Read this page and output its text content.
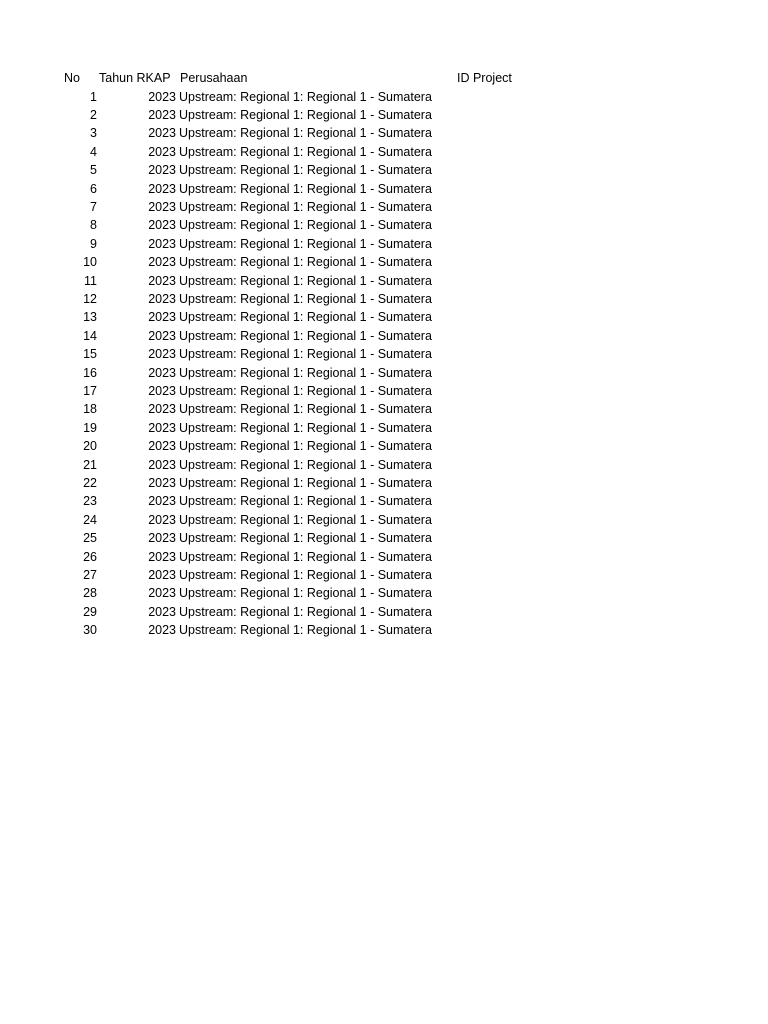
No Tahun RKAP Perusahaan	ID Project
1	2023 Upstream: Regional 1: Regional 1 - Sumatera
2	2023 Upstream: Regional 1: Regional 1 - Sumatera
3	2023 Upstream: Regional 1: Regional 1 - Sumatera
4	2023 Upstream: Regional 1: Regional 1 - Sumatera
5	2023 Upstream: Regional 1: Regional 1 - Sumatera
6	2023 Upstream: Regional 1: Regional 1 - Sumatera
7	2023 Upstream: Regional 1: Regional 1 - Sumatera
8	2023 Upstream: Regional 1: Regional 1 - Sumatera
9	2023 Upstream: Regional 1: Regional 1 - Sumatera
10	2023 Upstream: Regional 1: Regional 1 - Sumatera
11	2023 Upstream: Regional 1: Regional 1 - Sumatera
12	2023 Upstream: Regional 1: Regional 1 - Sumatera
13	2023 Upstream: Regional 1: Regional 1 - Sumatera
14	2023 Upstream: Regional 1: Regional 1 - Sumatera
15	2023 Upstream: Regional 1: Regional 1 - Sumatera
16	2023 Upstream: Regional 1: Regional 1 - Sumatera
17	2023 Upstream: Regional 1: Regional 1 - Sumatera
18	2023 Upstream: Regional 1: Regional 1 - Sumatera
19	2023 Upstream: Regional 1: Regional 1 - Sumatera
20	2023 Upstream: Regional 1: Regional 1 - Sumatera
21	2023 Upstream: Regional 1: Regional 1 - Sumatera
22	2023 Upstream: Regional 1: Regional 1 - Sumatera
23	2023 Upstream: Regional 1: Regional 1 - Sumatera
24	2023 Upstream: Regional 1: Regional 1 - Sumatera
25	2023 Upstream: Regional 1: Regional 1 - Sumatera
26	2023 Upstream: Regional 1: Regional 1 - Sumatera
27	2023 Upstream: Regional 1: Regional 1 - Sumatera
28	2023 Upstream: Regional 1: Regional 1 - Sumatera
29	2023 Upstream: Regional 1: Regional 1 - Sumatera
30	2023 Upstream: Regional 1: Regional 1 - Sumatera
